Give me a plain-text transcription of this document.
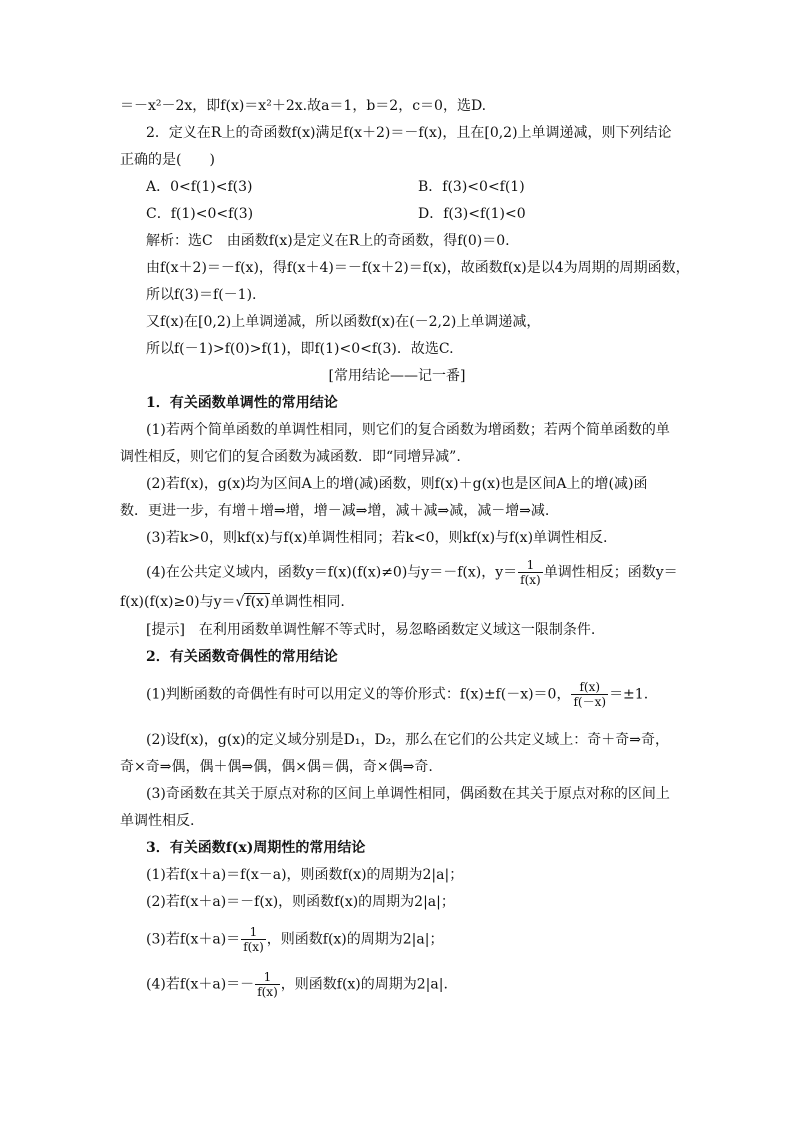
＝－x²－2x，即f(x)＝x²＋2x.故a＝1，b＝2，c＝0，选D.
2．定义在R上的奇函数f(x)满足f(x＋2)＝－f(x)，且在[0,2)上单调递减，则下列结论
正确的是(　　)
A．0<f(1)<f(3)	B．f(3)<0<f(1)
C．f(1)<0<f(3)	D．f(3)<f(1)<0
解析：选C　由函数f(x)是定义在R上的奇函数，得f(0)＝0.
由f(x＋2)＝－f(x)，得f(x＋4)＝－f(x＋2)＝f(x)，故函数f(x)是以4为周期的周期函数，
所以f(3)＝f(－1).
又f(x)在[0,2)上单调递减，所以函数f(x)在(－2,2)上单调递减，
所以f(－1)>f(0)>f(1)，即f(1)<0<f(3)．故选C.
[常用结论——记一番]
1．有关函数单调性的常用结论
(1)若两个简单函数的单调性相同，则它们的复合函数为增函数；若两个简单函数的单
调性相反，则它们的复合函数为减函数．即“同增异减”.
(2)若f(x)，g(x)均为区间A上的增(减)函数，则f(x)＋g(x)也是区间A上的增(减)函
数．更进一步，有增＋增⇒增，增－减⇒增，减＋减⇒减，减－增⇒减.
(3)若k>0，则kf(x)与f(x)单调性相同；若k<0，则kf(x)与f(x)单调性相反.
(4)在公共定义域内，函数y＝f(x)(f(x)≠0)与y＝－f(x)，$y= \frac{1}{f(x)}$ 单调性相反；函数y＝
f(x)(f(x)≥0)与y＝√f(x)单调性相同.
[提示]　在利用函数单调性解不等式时，易忽略函数定义域这一限制条件.
2．有关函数奇偶性的常用结论
(1)判断函数的奇偶性有时可以用定义的等价形式：f(x)±f(－x)＝0， $\frac{f(x)}{f(-x)} =\pm 1$.
(2)设f(x)，g(x)的定义域分别是D₁，D₂，那么在它们的公共定义域上：奇＋奇⇒奇，
奇×奇⇒偶，偶＋偶⇒偶，偶×偶＝偶，奇×偶⇒奇.
(3)奇函数在其关于原点对称的区间上单调性相同，偶函数在其关于原点对称的区间上
单调性相反.
3．有关函数f(x)周期性的常用结论
(1)若f(x＋a)＝f(x－a)，则函数f(x)的周期为2|a|；
(2)若f(x＋a)＝－f(x)，则函数f(x)的周期为2|a|；
(3)若$f(x+a)= \frac{1}{f(x)}$ ，则函数f(x)的周期为2|a|；
(4)若$f(x+a)=- \frac{1}{f(x)}$ ，则函数f(x)的周期为2|a|.
